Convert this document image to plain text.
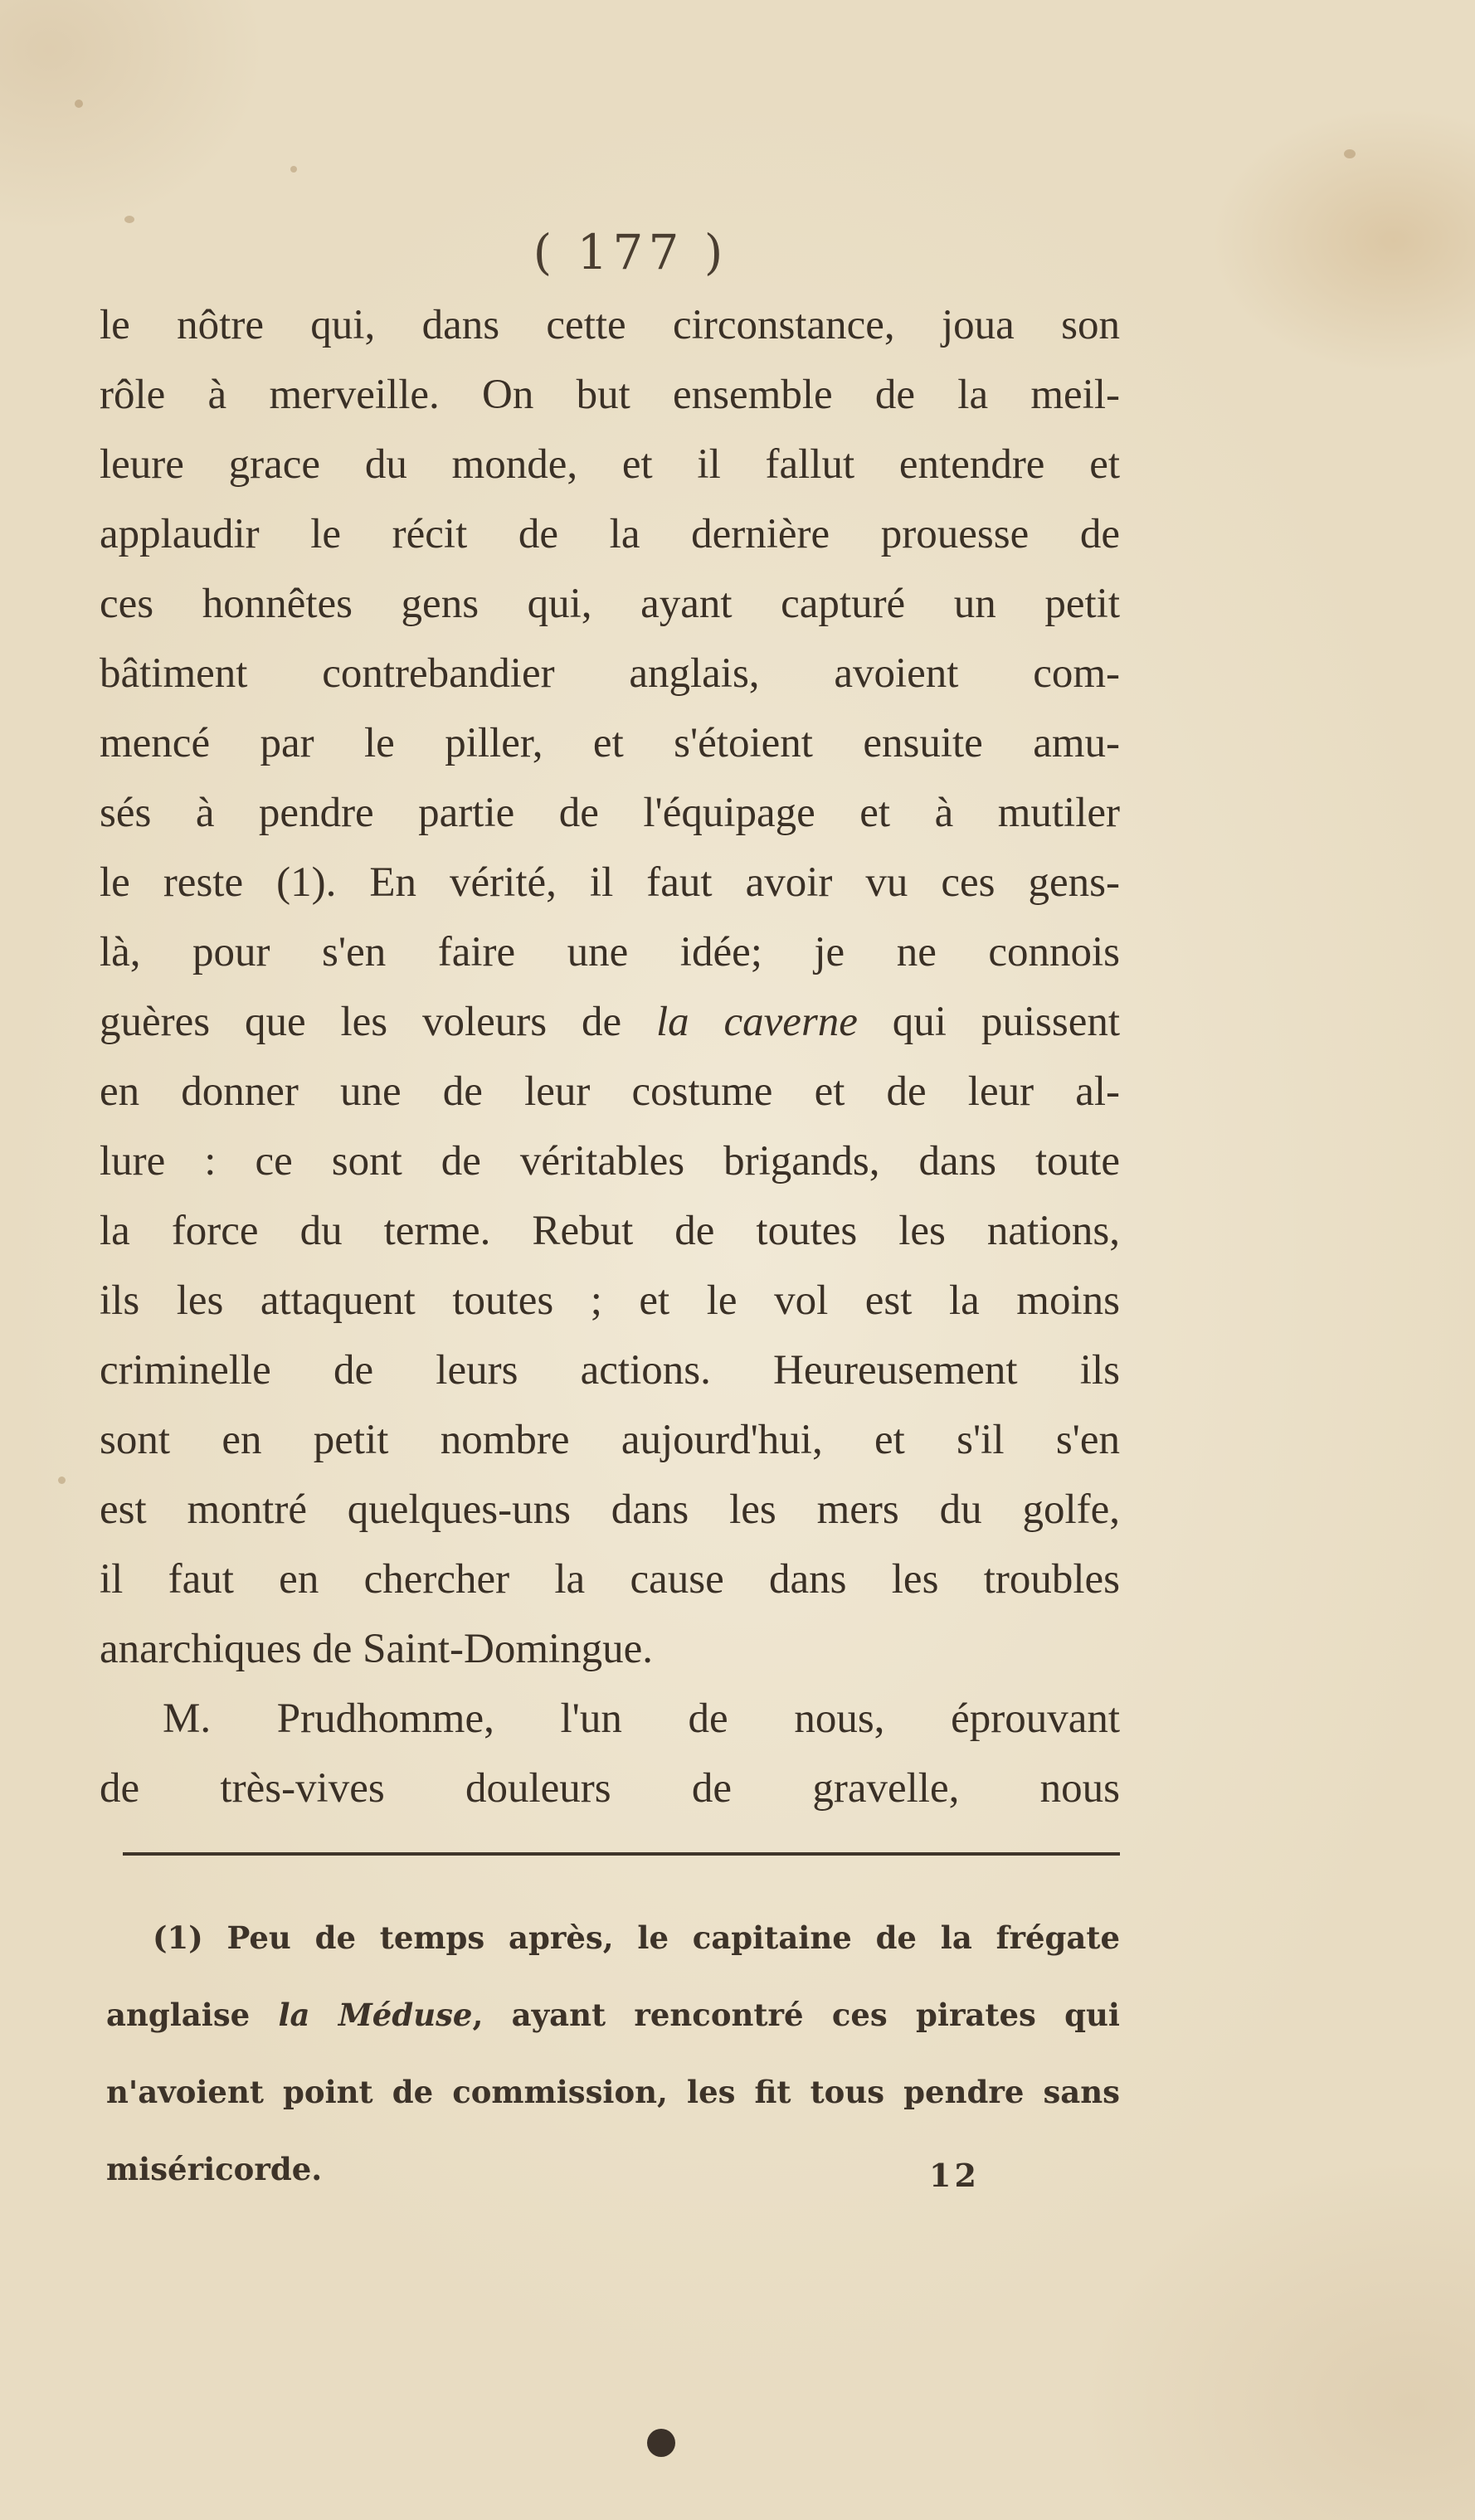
( 177 )
le nôtre qui, dans cette circonstance, joua son
rôle à merveille. On but ensemble de la meil-
leure grace du monde, et il fallut entendre et
applaudir le récit de la dernière prouesse de
ces honnêtes gens qui, ayant capturé un petit
bâtiment contrebandier anglais, avoient com-
mencé par le piller, et s'étoient ensuite amu-
sés à pendre partie de l'équipage et à mutiler
le reste (1). En vérité, il faut avoir vu ces gens-
là, pour s'en faire une idée; je ne connois
guères que les voleurs de la caverne qui puissent
en donner une de leur costume et de leur al-
lure : ce sont de véritables brigands, dans toute
la force du terme. Rebut de toutes les nations,
ils les attaquent toutes ; et le vol est la moins
criminelle de leurs actions. Heureusement ils
sont en petit nombre aujourd'hui, et s'il s'en
est montré quelques-uns dans les mers du golfe,
il faut en chercher la cause dans les troubles
anarchiques de Saint-Domingue.
M. Prudhomme, l'un de nous, éprouvant
de très-vives douleurs de gravelle, nous
(1) Peu de temps après, le capitaine de la frégate
anglaise la Méduse, ayant rencontré ces pirates qui
n'avoient point de commission, les fit tous pendre sans
miséricorde.	12
